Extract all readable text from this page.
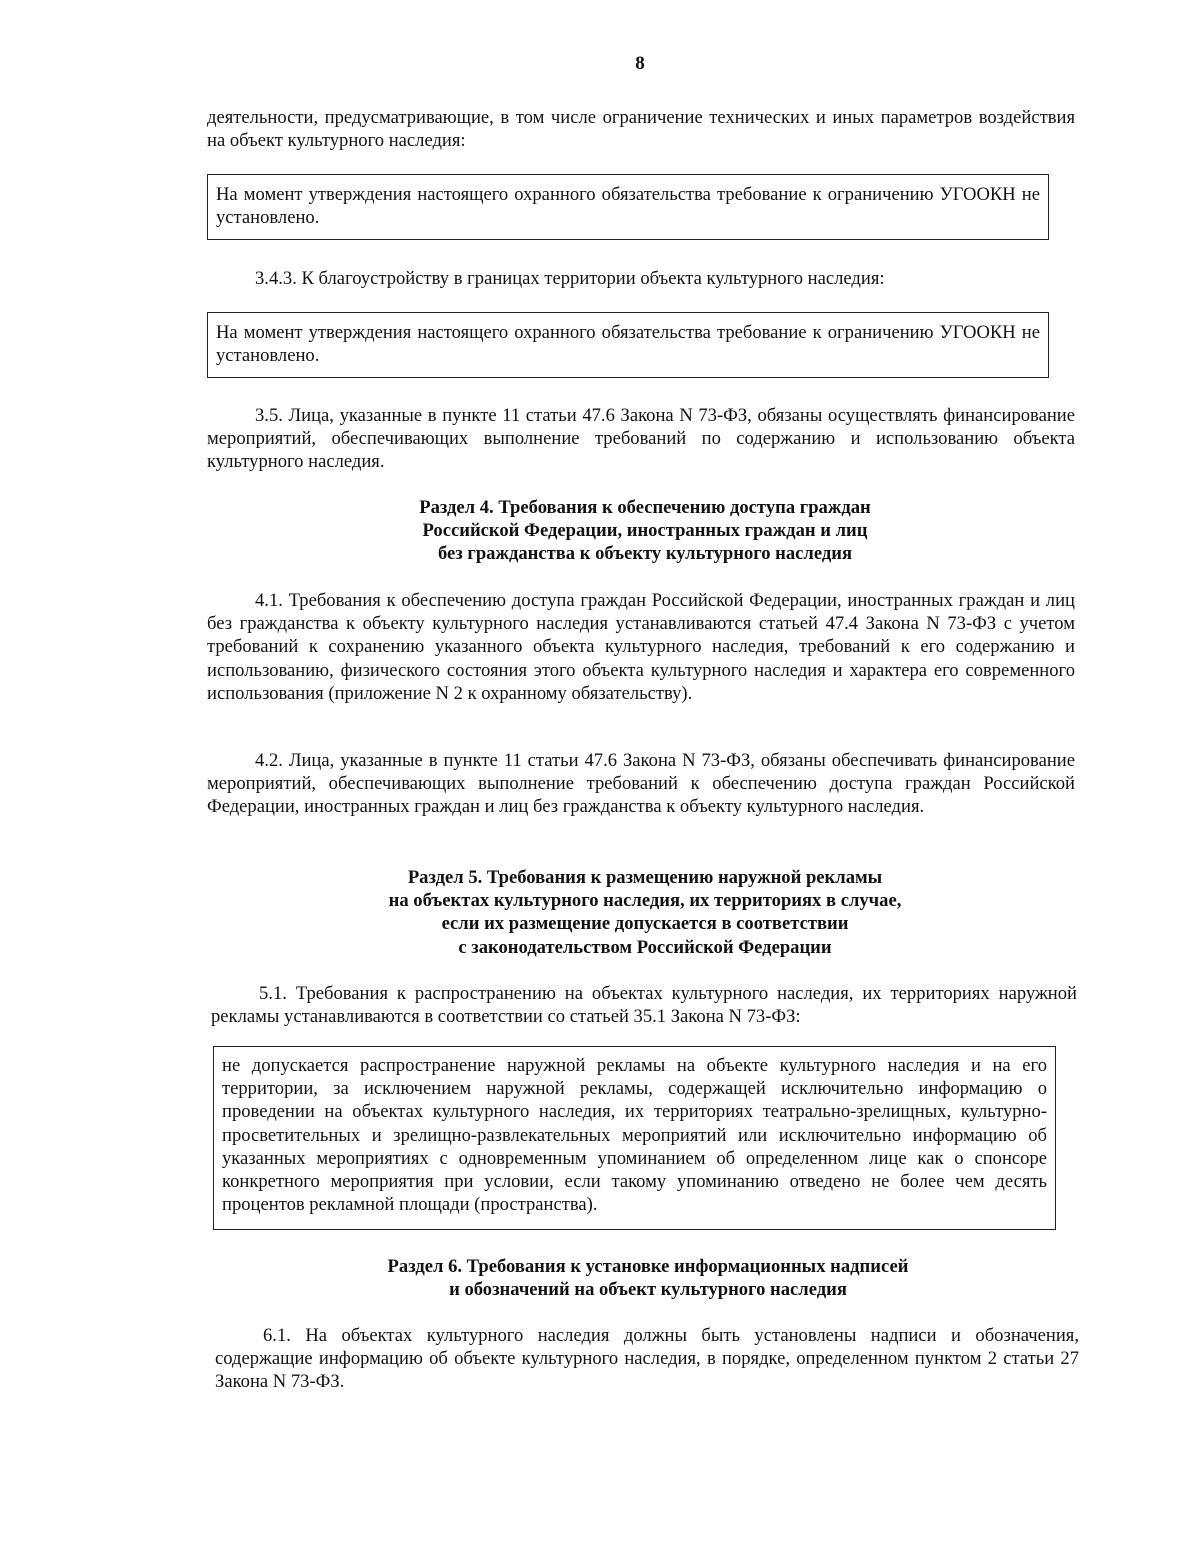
8

деятельности, предусматривающие, в том числе ограничение технических и иных параметров воздействия на объект культурного наследия:

На момент утверждения настоящего охранного обязательства требование к ограничению УГООКН не установлено.

3.4.3. К благоустройству в границах территории объекта культурного наследия:

На момент утверждения настоящего охранного обязательства требование к ограничению УГООКН не установлено.

3.5. Лица, указанные в пункте 11 статьи 47.6 Закона N 73-ФЗ, обязаны осуществлять финансирование мероприятий, обеспечивающих выполнение требований по содержанию и использованию объекта культурного наследия.

Раздел 4. Требования к обеспечению доступа граждан
Российской Федерации, иностранных граждан и лиц
без гражданства к объекту культурного наследия

4.1. Требования к обеспечению доступа граждан Российской Федерации, иностранных граждан и лиц без гражданства к объекту культурного наследия устанавливаются статьей 47.4 Закона N 73-ФЗ с учетом требований к сохранению указанного объекта культурного наследия, требований к его содержанию и использованию, физического состояния этого объекта культурного наследия и характера его современного использования (приложение N 2 к охранному обязательству).

4.2. Лица, указанные в пункте 11 статьи 47.6 Закона N 73-ФЗ, обязаны обеспечивать финансирование мероприятий, обеспечивающих выполнение требований к обеспечению доступа граждан Российской Федерации, иностранных граждан и лиц без гражданства к объекту культурного наследия.

Раздел 5. Требования к размещению наружной рекламы
на объектах культурного наследия, их территориях в случае,
если их размещение допускается в соответствии
с законодательством Российской Федерации

5.1. Требования к распространению на объектах культурного наследия, их территориях наружной рекламы устанавливаются в соответствии со статьей 35.1 Закона N 73-ФЗ:

не допускается распространение наружной рекламы на объекте культурного наследия и на его территории, за исключением наружной рекламы, содержащей исключительно информацию о проведении на объектах культурного наследия, их территориях театрально-зрелищных, культурно-просветительных и зрелищно-развлекательных мероприятий или исключительно информацию об указанных мероприятиях с одновременным упоминанием об определенном лице как о спонсоре конкретного мероприятия при условии, если такому упоминанию отведено не более чем десять процентов рекламной площади (пространства).
Раздел 6. Требования к установке информационных надписей
и обозначений на объект культурного наследия

6.1. На объектах культурного наследия должны быть установлены надписи и обозначения, содержащие информацию об объекте культурного наследия, в порядке, определенном пунктом 2 статьи 27 Закона N 73-ФЗ.
